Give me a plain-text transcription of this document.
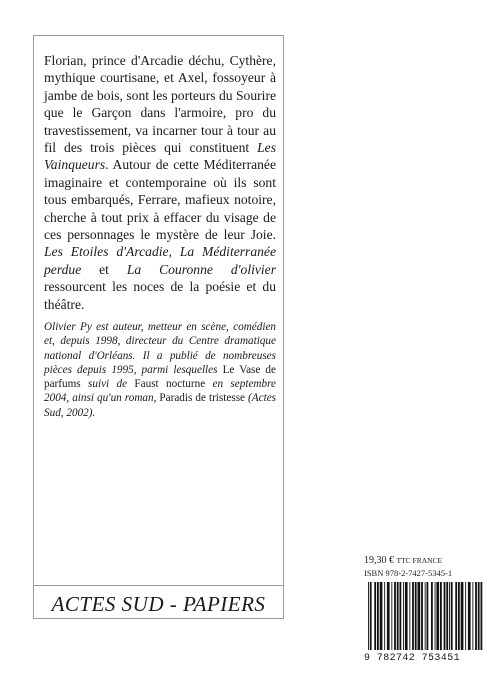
Florian, prince d'Arcadie déchu, Cythère, mythique courtisane, et Axel, fossoyeur à jambe de bois, sont les porteurs du Sourire que le Garçon dans l'armoire, pro du travestissement, va incarner tour à tour au fil des trois pièces qui constituent Les Vainqueurs. Autour de cette Méditerranée imaginaire et contemporaine où ils sont tous embarqués, Ferrare, mafieux notoire, cherche à tout prix à effacer du visage de ces personnages le mystère de leur Joie. Les Etoiles d'Arcadie, La Méditerranée perdue et La Couronne d'olivier ressourcent les noces de la poésie et du théâtre.

Olivier Py est auteur, metteur en scène, comédien et, depuis 1998, directeur du Centre dramatique national d'Orléans. Il a publié de nombreuses pièces depuis 1995, parmi lesquelles Le Vase de parfums suivi de Faust nocturne en septembre 2004, ainsi qu'un roman, Paradis de tristesse (Actes Sud, 2002).

ACTES SUD - PAPIERS
19,30 € TTC FRANCE
ISBN 978-2-7427-5345-1
9 782742 753451
